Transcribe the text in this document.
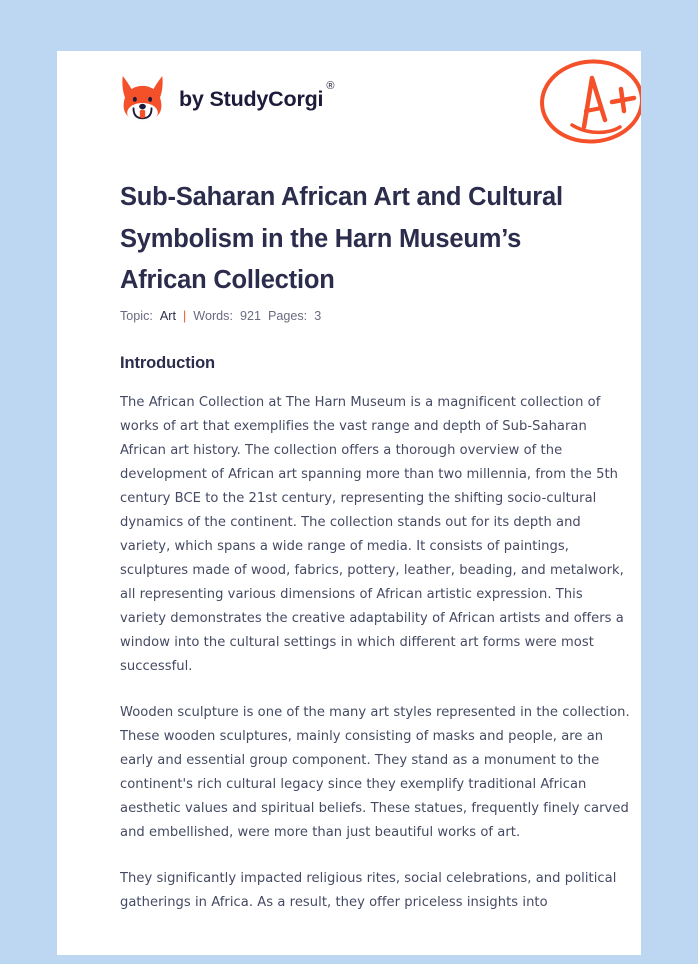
by StudyCorgi®
Sub-Saharan African Art and Cultural Symbolism in the Harn Museum’s African Collection
Topic: Art | Words: 921 Pages: 3
Introduction

The African Collection at The Harn Museum is a magnificent collection of works of art that exemplifies the vast range and depth of Sub-Saharan African art history. The collection offers a thorough overview of the development of African art spanning more than two millennia, from the 5th century BCE to the 21st century, representing the shifting socio-cultural dynamics of the continent. The collection stands out for its depth and variety, which spans a wide range of media. It consists of paintings, sculptures made of wood, fabrics, pottery, leather, beading, and metalwork, all representing various dimensions of African artistic expression. This variety demonstrates the creative adaptability of African artists and offers a window into the cultural settings in which different art forms were most successful.

Wooden sculpture is one of the many art styles represented in the collection. These wooden sculptures, mainly consisting of masks and people, are an early and essential group component. They stand as a monument to the continent's rich cultural legacy since they exemplify traditional African aesthetic values and spiritual beliefs. These statues, frequently finely carved and embellished, were more than just beautiful works of art.

They significantly impacted religious rites, social celebrations, and political gatherings in Africa. As a result, they offer priceless insights into
